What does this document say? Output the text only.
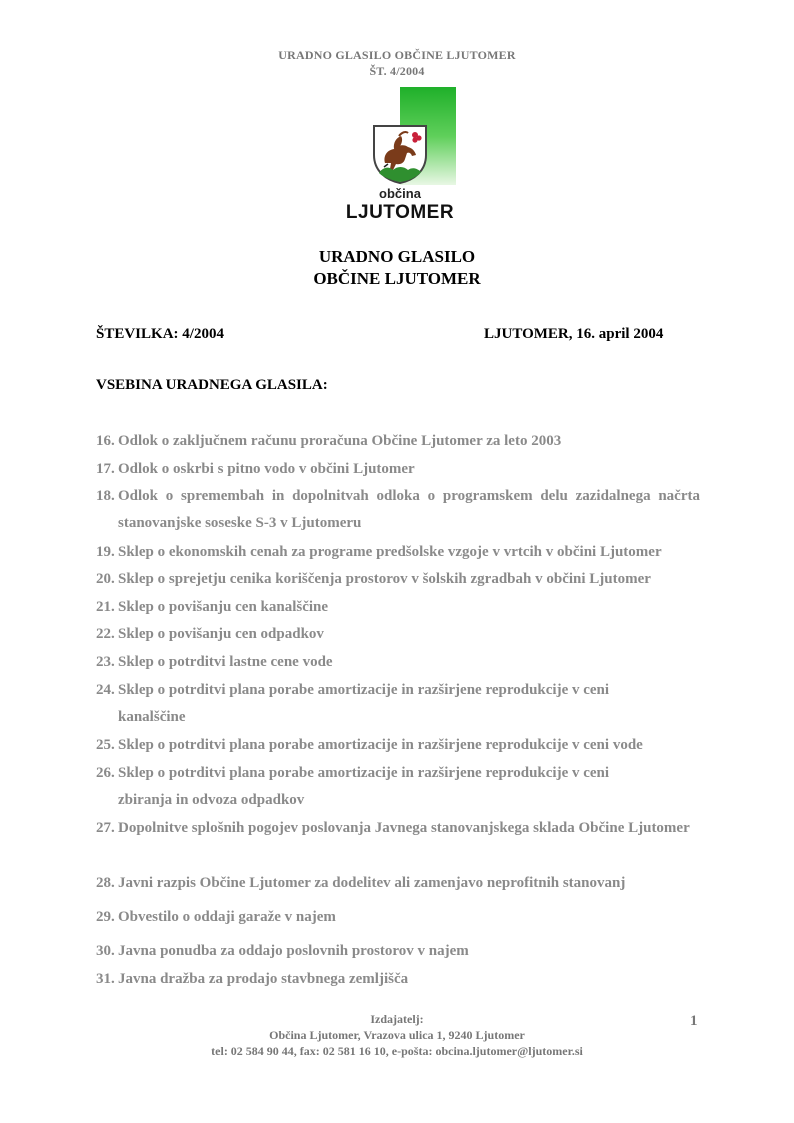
URADNO GLASILO OBČINE LJUTOMER
ŠT. 4/2004
občina
LJUTOMER
URADNO GLASILO
OBČINE LJUTOMER
ŠTEVILKA: 4/2004	LJUTOMER, 16. april 2004
VSEBINA URADNEGA GLASILA:
16. Odlok o zaključnem računu proračuna Občine Ljutomer za leto 2003
17. Odlok o oskrbi s pitno vodo v občini Ljutomer
18. Odlok o spremembah in dopolnitvah odloka o programskem delu zazidalnega načrta stanovanjske soseske S-3 v Ljutomeru
19. Sklep o ekonomskih cenah za programe predšolske vzgoje v vrtcih v občini Ljutomer
20. Sklep o sprejetju cenika koriščenja prostorov v šolskih zgradbah v občini Ljutomer
21. Sklep o povišanju cen kanalščine
22. Sklep o povišanju cen odpadkov
23. Sklep o potrditvi lastne cene vode
24. Sklep o potrditvi plana porabe amortizacije in razširjene reprodukcije v ceni kanalščine
25. Sklep o potrditvi plana porabe amortizacije in razširjene reprodukcije v ceni vode
26. Sklep o potrditvi plana porabe amortizacije in razširjene reprodukcije v ceni zbiranja in odvoza odpadkov
27. Dopolnitve splošnih pogojev poslovanja Javnega stanovanjskega sklada Občine Ljutomer
28. Javni razpis Občine Ljutomer za dodelitev ali zamenjavo neprofitnih stanovanj
29. Obvestilo o oddaji garaže v najem
30. Javna ponudba za oddajo poslovnih prostorov v najem
31. Javna dražba za prodajo stavbnega zemljišča
Izdajatelj:
Občina Ljutomer, Vrazova ulica 1, 9240 Ljutomer
tel: 02 584 90 44, fax: 02 581 16 10, e-pošta: obcina.ljutomer@ljutomer.si
1
